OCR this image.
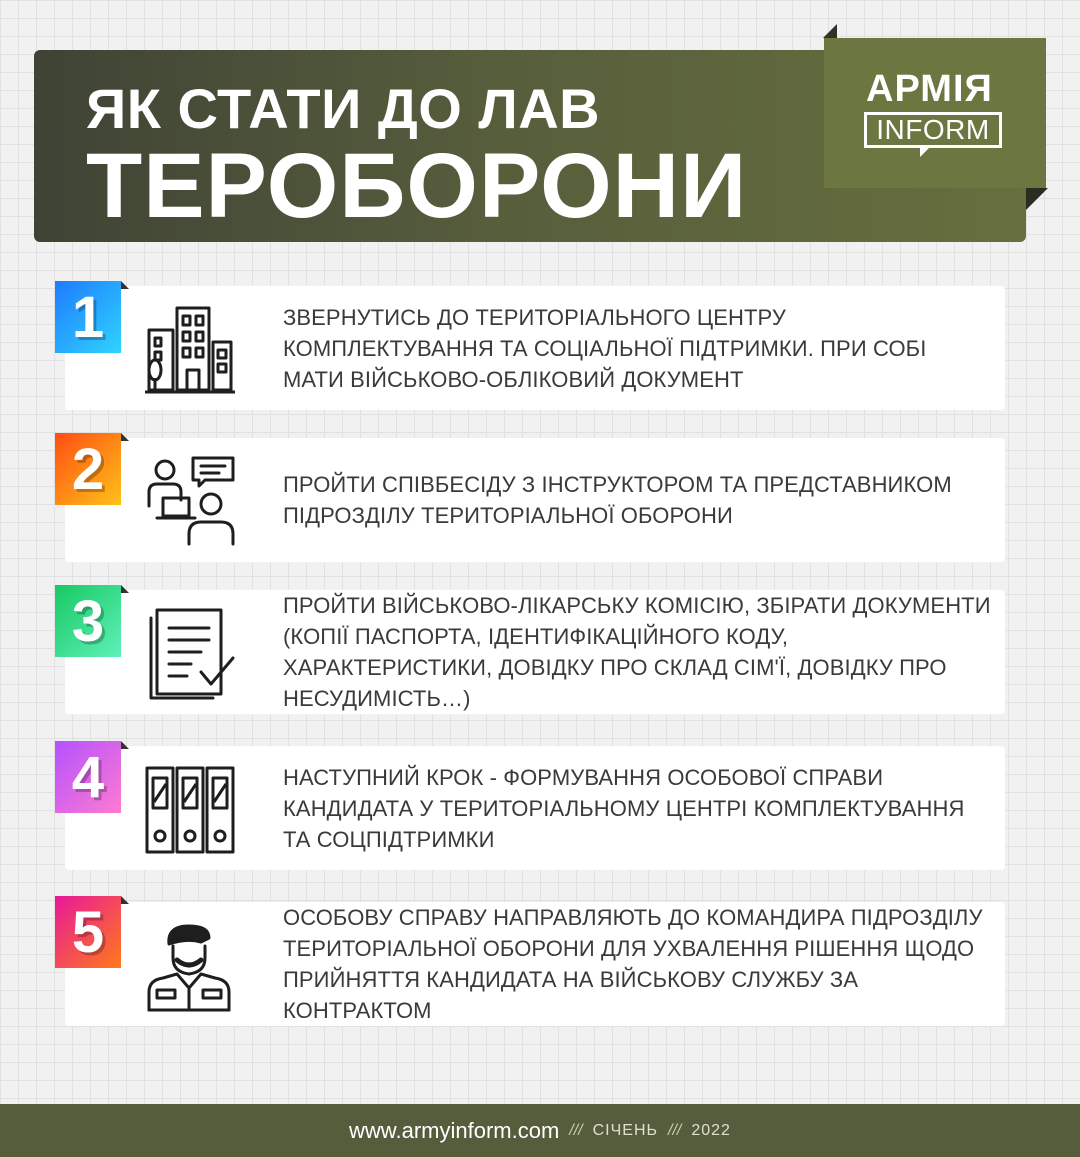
ЯК СТАТИ ДО ЛАВ
ТЕРОБОРОНИ
АРМІЯ
INFORM
ЗВЕРНУТИСЬ ДО ТЕРИТОРІАЛЬНОГО ЦЕНТРУ КОМПЛЕКТУВАННЯ ТА СОЦІАЛЬНОЇ ПІДТРИМКИ. ПРИ СОБІ МАТИ ВІЙСЬКОВО-ОБЛІКОВИЙ ДОКУМЕНТ
1
ПРОЙТИ СПІВБЕСІДУ З ІНСТРУКТОРОМ ТА ПРЕДСТАВНИКОМ ПІДРОЗДІЛУ ТЕРИТОРІАЛЬНОЇ ОБОРОНИ
2
ПРОЙТИ ВІЙСЬКОВО-ЛІКАРСЬКУ КОМІСІЮ, ЗБІРАТИ ДОКУМЕНТИ (КОПІЇ ПАСПОРТА, ІДЕНТИФІКАЦІЙНОГО КОДУ, ХАРАКТЕРИСТИКИ, ДОВІДКУ ПРО СКЛАД СІМ'Ї, ДОВІДКУ ПРО НЕСУДИМІСТЬ…)
3
НАСТУПНИЙ КРОК - ФОРМУВАННЯ ОСОБОВОЇ СПРАВИ КАНДИДАТА У ТЕРИТОРІАЛЬНОМУ ЦЕНТРІ КОМПЛЕКТУВАННЯ ТА СОЦПІДТРИМКИ
4
ОСОБОВУ СПРАВУ НАПРАВЛЯЮТЬ ДО КОМАНДИРА ПІДРОЗДІЛУ ТЕРИТОРІАЛЬНОЇ ОБОРОНИ ДЛЯ УХВАЛЕННЯ РІШЕННЯ ЩОДО ПРИЙНЯТТЯ КАНДИДАТА НА ВІЙСЬКОВУ СЛУЖБУ ЗА КОНТРАКТОМ
5
www.armyinform.com /// СІЧЕНЬ /// 2022
